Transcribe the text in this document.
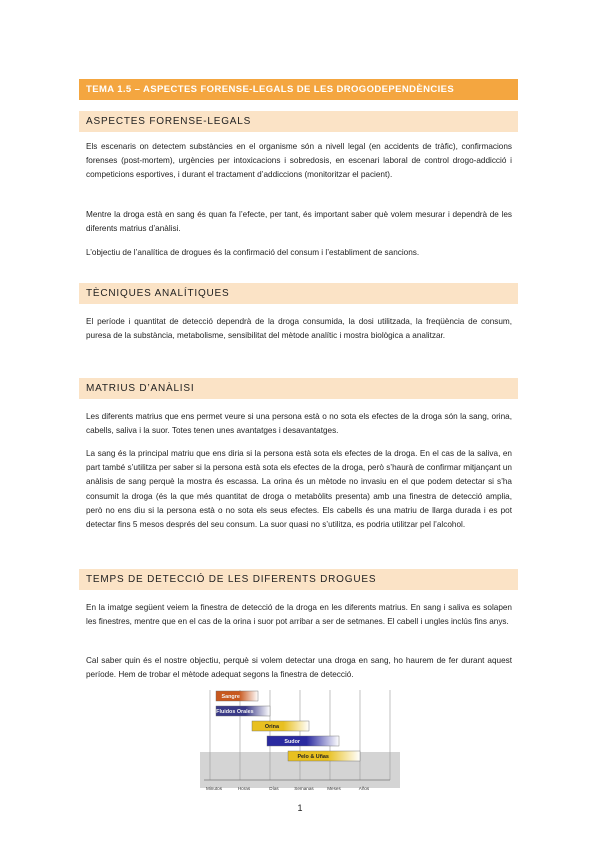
TEMA 1.5 – ASPECTES FORENSE-LEGALS DE LES DROGODEPENDÈNCIES
ASPECTES FORENSE-LEGALS
Els escenaris on detectem substàncies en el organisme són a nivell legal (en accidents de tràfic), confirmacions forenses (post-mortem), urgències per intoxicacions i sobredosis, en escenari laboral de control drogo-addicció i competicions esportives, i durant el tractament d’addiccions (monitoritzar el pacient).
Mentre la droga està en sang és quan fa l’efecte, per tant, és important saber què volem mesurar i dependrà de les diferents matrius d’anàlisi.
L’objectiu de l’analítica de drogues és la confirmació del consum i l’establiment de sancions.
TÈCNIQUES ANALÍTIQUES
El període i quantitat de detecció dependrà de la droga consumida, la dosi utilitzada, la freqüència de consum, puresa de la substància, metabolisme, sensibilitat del mètode analític i mostra biològica a analitzar.
MATRIUS D’ANÀLISI
Les diferents matrius que ens permet veure si una persona està o no sota els efectes de la droga són la sang, orina, cabells, saliva i la suor. Totes tenen unes avantatges i desavantatges.
La sang és la principal matriu que ens diria si la persona està sota els efectes de la droga. En el cas de la saliva, en part també s’utilitza per saber si la persona està sota els efectes de la droga, però s’haurà de confirmar mitjançant un anàlisis de sang perquè la mostra és escassa. La orina és un mètode no invasiu en el que podem detectar si s’ha consumit la droga (és la que més quantitat de droga o metabòlits presenta) amb una finestra de detecció amplia, però no ens diu si la persona està o no sota els seus efectes. Els cabells és una matriu de llarga durada i es pot detectar fins 5 mesos després del seu consum. La suor quasi no s’utilitza, es podria utilitzar pel l’alcohol.
TEMPS DE DETECCIÓ DE LES DIFERENTS DROGUES
En la imatge següent veiem la finestra de detecció de la droga en les diferents matrius. En sang i saliva es solapen les finestres, mentre que en el cas de la orina i suor pot arribar a ser de setmanes. El cabell i ungles inclús fins anys.
Cal saber quin és el nostre objectiu, perquè si volem detectar una droga en sang, ho haurem de fer durant aquest període. Hem de trobar el mètode adequat segons la finestra de detecció.
Minutos	Horas	Días	Semanas	Meses	Años
Sangre
Fluidos Orales
Orina
Sudor
Pelo & Uñas
1
